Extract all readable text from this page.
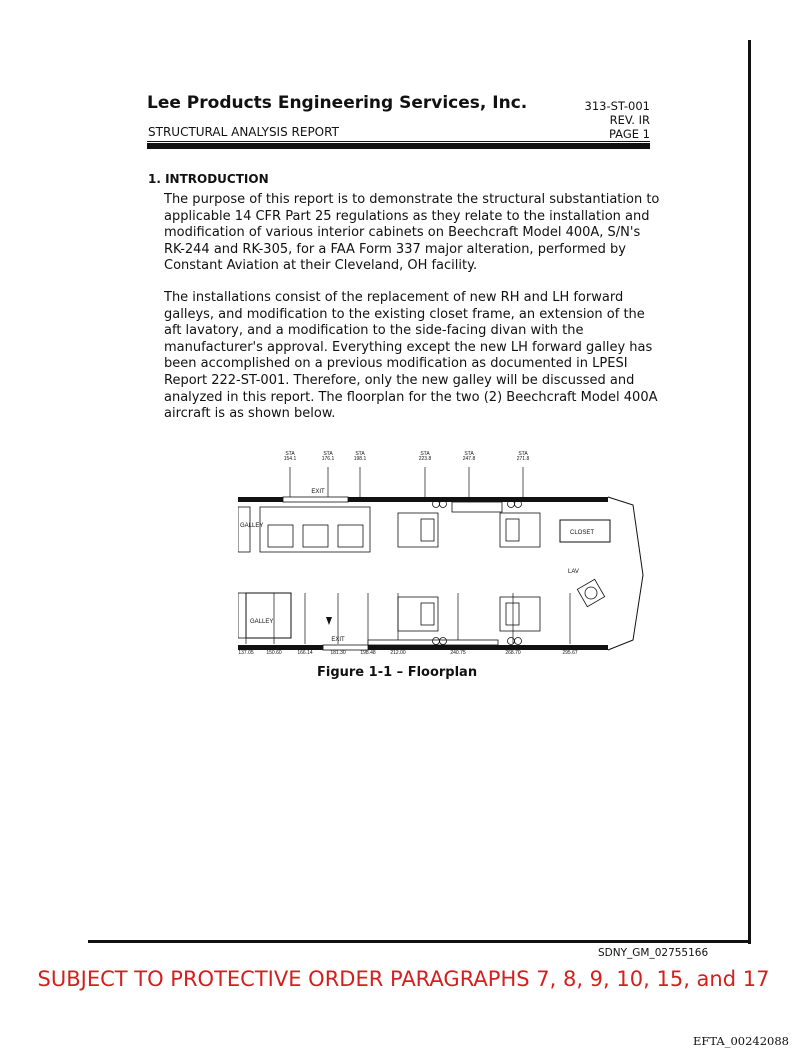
Lee Products Engineering Services, Inc.
STRUCTURAL ANALYSIS REPORT
313-ST-001
REV. IR
PAGE 1
1. INTRODUCTION
The purpose of this report is to demonstrate the structural substantiation to applicable 14 CFR Part 25 regulations as they relate to the installation and modification of various interior cabinets on Beechcraft Model 400A, S/N's RK-244 and RK-305, for a FAA Form 337 major alteration, performed by Constant Aviation at their Cleveland, OH facility.
The installations consist of the replacement of new RH and LH forward galleys, and modification to the existing closet frame, an extension of the aft lavatory, and a modification to the side-facing divan with the manufacturer's approval. Everything except the new LH forward galley has been accomplished on a previous modification as documented in LPESI Report 222-ST-001. Therefore, only the new galley will be discussed and analyzed in this report. The floorplan for the two (2) Beechcraft Model 400A aircraft is as shown below.
STA
154.1
STA
176.1
STA
198.1
STA
223.8
STA
247.8
STA
271.8
137.05	150.60	166.14	181.30	198.48	212.00	240.75	268.70	295.67
EXIT
EXIT
GALLEY
CLOSET
LAV
GALLEY
Figure 1-1 – Floorplan
SDNY_GM_02755166
SUBJECT TO PROTECTIVE ORDER PARAGRAPHS 7, 8, 9, 10, 15, and 17
EFTA_00242088
